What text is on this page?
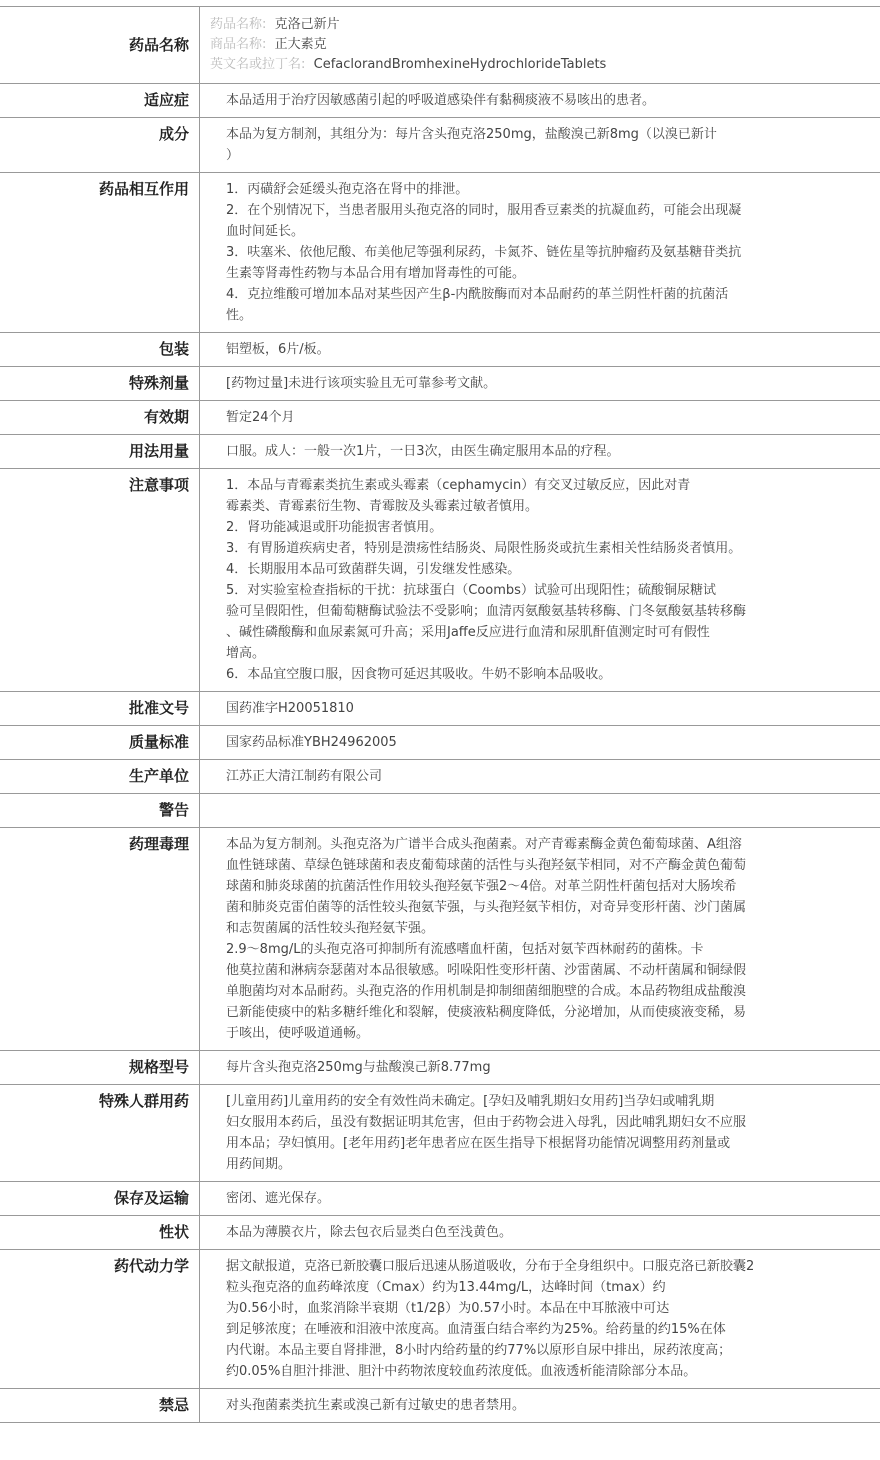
药品名称
药品名称: 克洛己新片
商品名称: 正大素克
英文名或拉丁名: CefaclorandBromhexineHydrochlorideTablets
适应症	本品适用于治疗因敏感菌引起的呼吸道感染伴有黏稠痰液不易咳出的患者。
成分	本品为复方制剂，其组分为：每片含头孢克洛250mg，盐酸溴己新8mg（以溴已新计
）
药品相互作用	1．丙磺舒会延缓头孢克洛在肾中的排泄。
2．在个别情况下，当患者服用头孢克洛的同时，服用香豆素类的抗凝血药，可能会出现凝
血时间延长。
3．呋塞米、依他尼酸、布美他尼等强利尿药，卡氮芥、链佐星等抗肿瘤药及氨基糖苷类抗
生素等肾毒性药物与本品合用有增加肾毒性的可能。
4．克拉维酸可增加本品对某些因产生β-内酰胺酶而对本品耐药的革兰阴性杆菌的抗菌活
性。
包装	铝塑板，6片/板。
特殊剂量	[药物过量]未进行该项实验且无可靠参考文献。
有效期	暂定24个月
用法用量	口服。成人：一般一次1片，一日3次，由医生确定服用本品的疗程。
注意事项	1．本品与青霉素类抗生素或头霉素（cephamycin）有交叉过敏反应，因此对青
霉素类、青霉素衍生物、青霉胺及头霉素过敏者慎用。
2．肾功能减退或肝功能损害者慎用。
3．有胃肠道疾病史者，特别是溃疡性结肠炎、局限性肠炎或抗生素相关性结肠炎者慎用。
4．长期服用本品可致菌群失调，引发继发性感染。
5．对实验室检查指标的干扰：抗球蛋白（Coombs）试验可出现阳性；硫酸铜尿糖试
验可呈假阳性，但葡萄糖酶试验法不受影响；血清丙氨酸氨基转移酶、门冬氨酸氨基转移酶
、碱性磷酸酶和血尿素氮可升高；采用Jaffe反应进行血清和尿肌酐值测定时可有假性
增高。
6．本品宜空腹口服，因食物可延迟其吸收。牛奶不影响本品吸收。
批准文号	国药准字H20051810
质量标准	国家药品标准YBH24962005
生产单位	江苏正大清江制药有限公司
警告
药理毒理	本品为复方制剂。头孢克洛为广谱半合成头孢菌素。对产青霉素酶金黄色葡萄球菌、A组溶
血性链球菌、草绿色链球菌和表皮葡萄球菌的活性与头孢羟氨苄相同，对不产酶金黄色葡萄
球菌和肺炎球菌的抗菌活性作用较头孢羟氨苄强2～4倍。对革兰阴性杆菌包括对大肠埃希
菌和肺炎克雷伯菌等的活性较头孢氨苄强，与头孢羟氨苄相仿，对奇异变形杆菌、沙门菌属
和志贺菌属的活性较头孢羟氨苄强。
2.9～8mg/L的头孢克洛可抑制所有流感嗜血杆菌，包括对氨苄西林耐药的菌株。卡
他莫拉菌和淋病奈瑟菌对本品很敏感。吲哚阳性变形杆菌、沙雷菌属、不动杆菌属和铜绿假
单胞菌均对本品耐药。头孢克洛的作用机制是抑制细菌细胞壁的合成。本品药物组成盐酸溴
已新能使痰中的粘多糖纤维化和裂解，使痰液粘稠度降低，分泌增加，从而使痰液变稀，易
于咳出，使呼吸道通畅。
规格型号	每片含头孢克洛250mg与盐酸溴己新8.77mg
特殊人群用药	[儿童用药]儿童用药的安全有效性尚未确定。[孕妇及哺乳期妇女用药]当孕妇或哺乳期
妇女服用本药后，虽没有数据证明其危害，但由于药物会进入母乳，因此哺乳期妇女不应服
用本品；孕妇慎用。[老年用药]老年患者应在医生指导下根据肾功能情况调整用药剂量或
用药间期。
保存及运输	密闭、遮光保存。
性状	本品为薄膜衣片，除去包衣后显类白色至浅黄色。
药代动力学	据文献报道，克洛已新胶囊口服后迅速从肠道吸收，分布于全身组织中。口服克洛已新胶囊2
粒头孢克洛的血药峰浓度（Cmax）约为13.44mg/L，达峰时间（tmax）约
为0.56小时，血浆消除半衰期（t1/2β）为0.57小时。本品在中耳脓液中可达
到足够浓度；在唾液和泪液中浓度高。血清蛋白结合率约为25%。给药量的约15%在体
内代谢。本品主要自肾排泄，8小时内给药量的约77%以原形自尿中排出，尿药浓度高；
约0.05%自胆汁排泄、胆汁中药物浓度较血药浓度低。血液透析能清除部分本品。
禁忌	对头孢菌素类抗生素或溴己新有过敏史的患者禁用。
